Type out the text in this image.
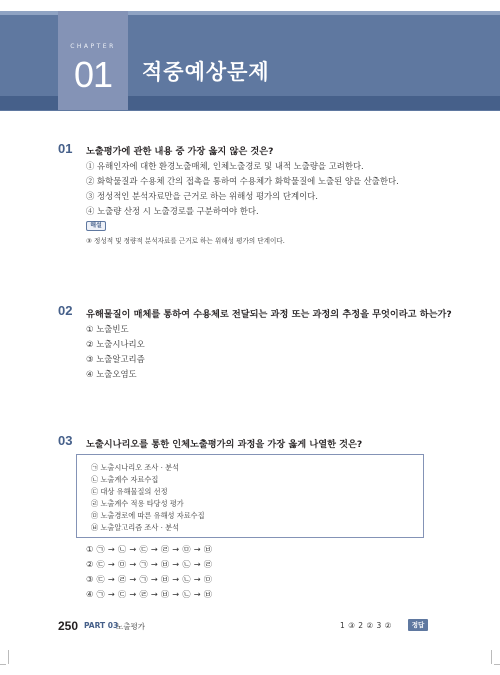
CHAPTER
01	적중예상문제
01 노출평가에 관한 내용 중 가장 옳지 않은 것은?
① 유해인자에 대한 환경노출매체, 인체노출경로 및 내적 노출량을 고려한다.
② 화학물질과 수용체 간의 접촉을 통하여 수용체가 화학물질에 노출된 양을 산출한다.
③ 정성적인 분석자료만을 근거로 하는 위해성 평가의 단계이다.
④ 노출량 산정 시 노출경로를 구분하여야 한다.
해설
③ 정성적 및 정량적 분석자료를 근거로 하는 위해성 평가의 단계이다.
02 유해물질이 매체를 통하여 수용체로 전달되는 과정 또는 과정의 추정을 무엇이라고 하는가?
① 노출빈도
② 노출시나리오
③ 노출알고리즘
④ 노출오염도
03 노출시나리오를 통한 인체노출평가의 과정을 가장 옳게 나열한 것은?
㉠ 노출시나리오 조사 · 분석
㉡ 노출계수 자료수집
㉢ 대상 유해물질의 선정
㉣ 노출계수 적용 타당성 평가
㉤ 노출경로에 따른 유해성 자료수집
㉥ 노출알고리즘 조사 · 분석
① ㉠ → ㉡ → ㉢ → ㉣ → ㉤ → ㉥
② ㉢ → ㉤ → ㉠ → ㉥ → ㉡ → ㉣
③ ㉢ → ㉣ → ㉠ → ㉥ → ㉡ → ㉤
④ ㉠ → ㉢ → ㉣ → ㉥ → ㉡ → ㉥
250 PART 03
노출평가	1 ③ 2 ② 3 ②	정답
